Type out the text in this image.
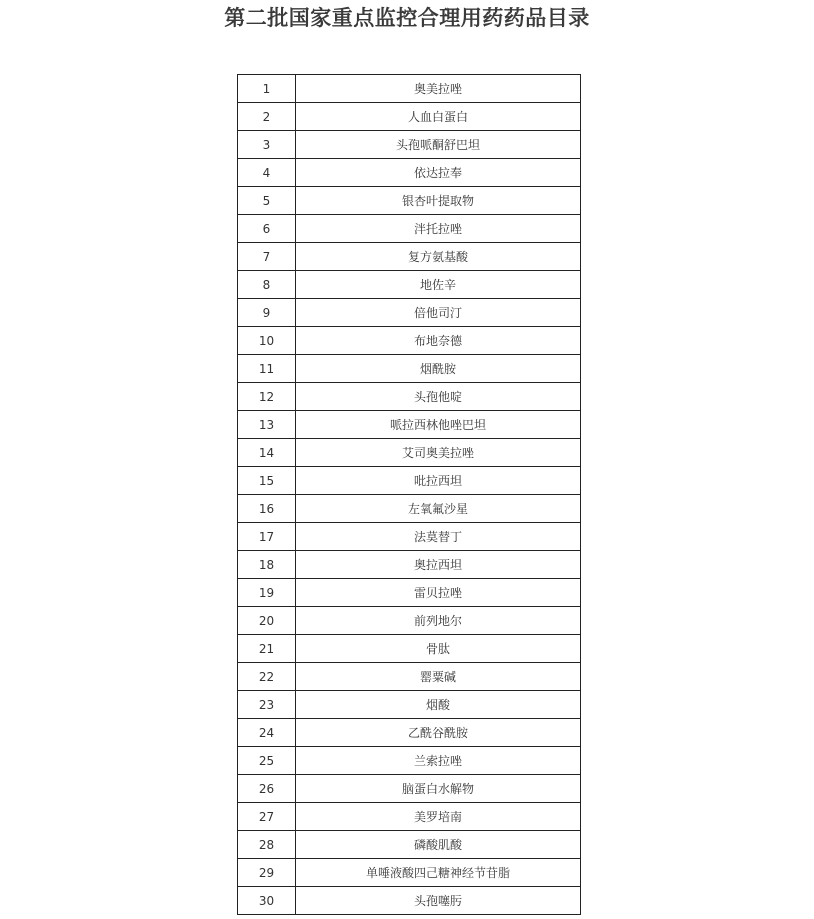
第二批国家重点监控合理用药药品目录
1	奥美拉唑
2	人血白蛋白
3	头孢哌酮舒巴坦
4	依达拉奉
5	银杏叶提取物
6	泮托拉唑
7	复方氨基酸
8	地佐辛
9	倍他司汀
10	布地奈德
11	烟酰胺
12	头孢他啶
13	哌拉西林他唑巴坦
14	艾司奥美拉唑
15	吡拉西坦
16	左氧氟沙星
17	法莫替丁
18	奥拉西坦
19	雷贝拉唑
20	前列地尔
21	骨肽
22	罂粟碱
23	烟酸
24	乙酰谷酰胺
25	兰索拉唑
26	脑蛋白水解物
27	美罗培南
28	磷酸肌酸
29	单唾液酸四己糖神经节苷脂
30	头孢噻肟
